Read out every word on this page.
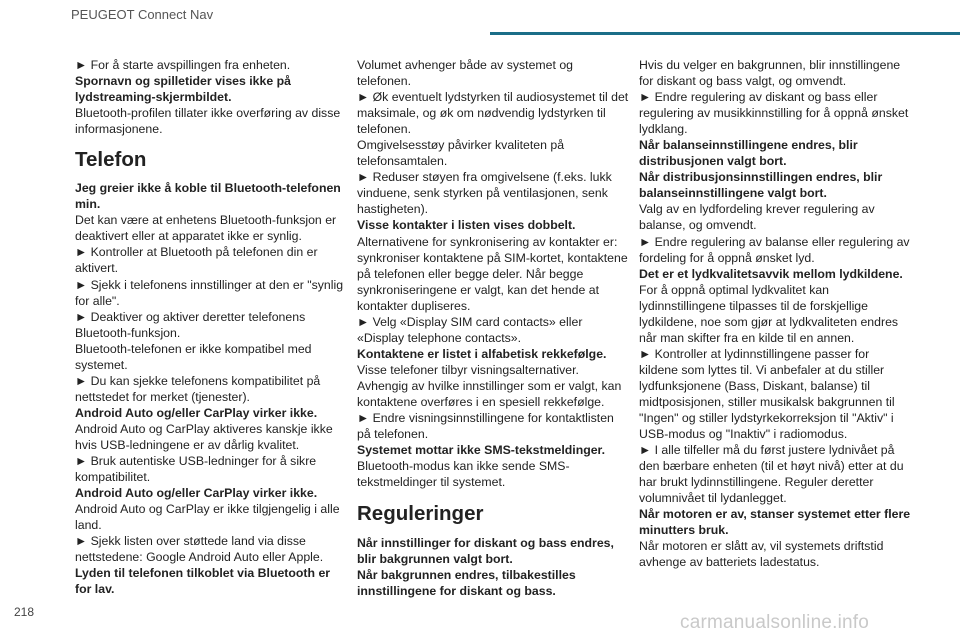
PEUGEOT Connect Nav

► For å starte avspillingen fra enheten.

Spornavn og spilletider vises ikke på lydstreaming-skjermbildet.

Bluetooth-profilen tillater ikke overføring av disse informasjonene.

Telefon

Jeg greier ikke å koble til Bluetooth-telefonen min.

Det kan være at enhetens Bluetooth-funksjon er deaktivert eller at apparatet ikke er synlig.

► Kontroller at Bluetooth på telefonen din er aktivert.

► Sjekk i telefonens innstillinger at den er "synlig for alle".

► Deaktiver og aktiver deretter telefonens Bluetooth-funksjon.

Bluetooth-telefonen er ikke kompatibel med systemet.

► Du kan sjekke telefonens kompatibilitet på nettstedet for merket (tjenester).

Android Auto og/eller CarPlay virker ikke.

Android Auto og CarPlay aktiveres kanskje ikke hvis USB-ledningene er av dårlig kvalitet.

► Bruk autentiske USB-ledninger for å sikre kompatibilitet.

Android Auto og/eller CarPlay virker ikke.

Android Auto og CarPlay er ikke tilgjengelig i alle land.

► Sjekk listen over støttede land via disse nettstedene: Google Android Auto eller Apple.

Lyden til telefonen tilkoblet via Bluetooth er for lav.

Volumet avhenger både av systemet og telefonen.

► Øk eventuelt lydstyrken til audiosystemet til det maksimale, og øk om nødvendig lydstyrken til telefonen.

Omgivelsesstøy påvirker kvaliteten på telefonsamtalen.

► Reduser støyen fra omgivelsene (f.eks. lukk vinduene, senk styrken på ventilasjonen, senk hastigheten).

Visse kontakter i listen vises dobbelt.

Alternativene for synkronisering av kontakter er: synkroniser kontaktene på SIM-kortet, kontaktene på telefonen eller begge deler. Når begge synkroniseringene er valgt, kan det hende at kontakter dupliseres.

► Velg «Display SIM card contacts» eller «Display telephone contacts».

Kontaktene er listet i alfabetisk rekkefølge.

Visse telefoner tilbyr visningsalternativer. Avhengig av hvilke innstillinger som er valgt, kan kontaktene overføres i en spesiell rekkefølge.

► Endre visningsinnstillingene for kontaktlisten på telefonen.

Systemet mottar ikke SMS-tekstmeldinger.

Bluetooth-modus kan ikke sende SMS-tekstmeldinger til systemet.

Reguleringer

Når innstillinger for diskant og bass endres, blir bakgrunnen valgt bort.

Når bakgrunnen endres, tilbakestilles innstillingene for diskant og bass.

Hvis du velger en bakgrunnen, blir innstillingene for diskant og bass valgt, og omvendt.

► Endre regulering av diskant og bass eller regulering av musikkinnstilling for å oppnå ønsket lydklang.

Når balanseinnstillingene endres, blir distribusjonen valgt bort.

Når distribusjonsinnstillingen endres, blir balanseinnstillingene valgt bort.

Valg av en lydfordeling krever regulering av balanse, og omvendt.

► Endre regulering av balanse eller regulering av fordeling for å oppnå ønsket lyd.

Det er et lydkvalitetsavvik mellom lydkildene.

For å oppnå optimal lydkvalitet kan lydinnstillingene tilpasses til de forskjellige lydkildene, noe som gjør at lydkvaliteten endres når man skifter fra en kilde til en annen.

► Kontroller at lydinnstillingene passer for kildene som lyttes til. Vi anbefaler at du stiller lydfunksjonene (Bass, Diskant, balanse) til midtposisjonen, stiller musikalsk bakgrunnen til "Ingen" og stiller lydstyrkekorreksjon til "Aktiv" i USB-modus og "Inaktiv" i radiomodus.

► I alle tilfeller må du først justere lydnivået på den bærbare enheten (til et høyt nivå) etter at du har brukt lydinnstillingene. Reguler deretter volumnivået til lydanlegget.

Når motoren er av, stanser systemet etter flere minutters bruk.

Når motoren er slått av, vil systemets driftstid avhenge av batteriets ladestatus.

218	carmanualsonline.info
